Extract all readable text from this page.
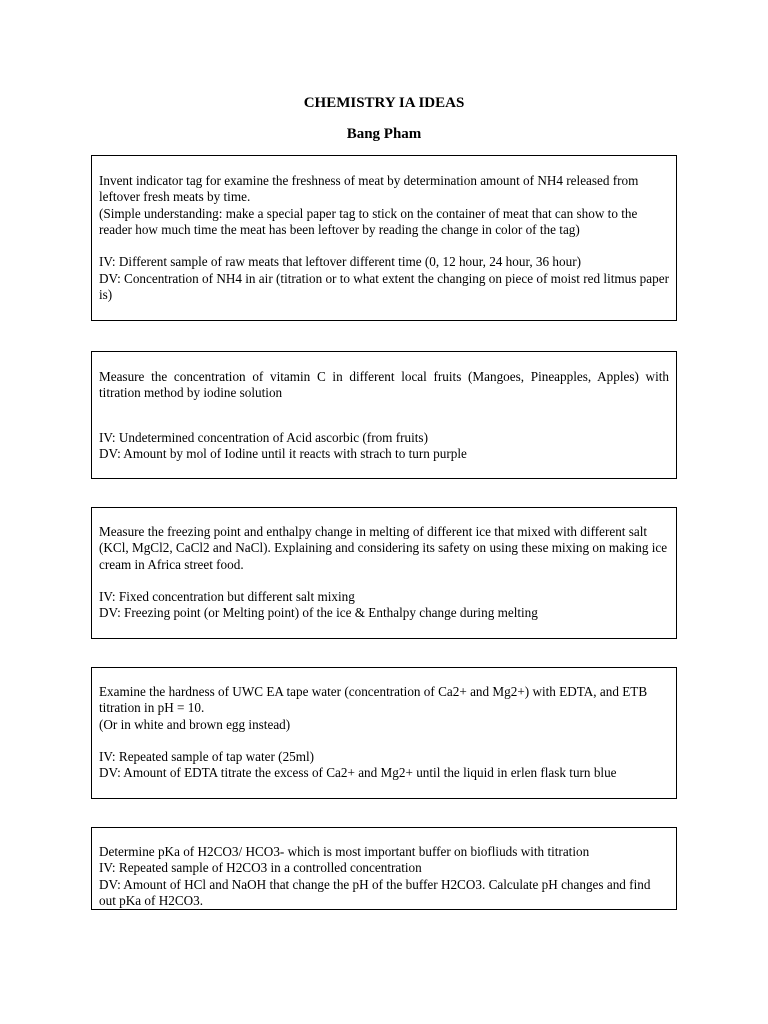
CHEMISTRY IA IDEAS
Bang Pham

Invent indicator tag for examine the freshness of meat by determination amount of NH4 released from leftover fresh meats by time.

(Simple understanding: make a special paper tag to stick on the container of meat that can show to the reader how much time the meat has been leftover by reading the change in color of the tag)

IV: Different sample of raw meats that leftover different time (0, 12 hour, 24 hour, 36 hour)

DV: Concentration of NH4 in air (titration or to what extent the changing on piece of moist red litmus paper is)

Measure the concentration of vitamin C in different local fruits (Mangoes, Pineapples, Apples) with titration method by iodine solution

IV: Undetermined concentration of Acid ascorbic (from fruits)

DV: Amount by mol of Iodine until it reacts with strach to turn purple

Measure the freezing point and enthalpy change in melting of different ice that mixed with different salt (KCl, MgCl2, CaCl2 and NaCl). Explaining and considering its safety on using these mixing on making ice cream in Africa street food.

IV: Fixed concentration but different salt mixing

DV: Freezing point (or Melting point) of the ice & Enthalpy change during melting

Examine the hardness of UWC EA tape water (concentration of Ca2+ and Mg2+) with EDTA, and ETB titration in pH = 10.

(Or in white and brown egg instead)

IV: Repeated sample of tap water (25ml)

DV: Amount of EDTA titrate the excess of Ca2+ and Mg2+ until the liquid in erlen flask turn blue

Determine pKa of H2CO3/ HCO3- which is most important buffer on biofliuds with titration

IV: Repeated sample of H2CO3 in a controlled concentration

DV: Amount of HCl and NaOH that change the pH of the buffer H2CO3. Calculate pH changes and find out pKa of H2CO3.
